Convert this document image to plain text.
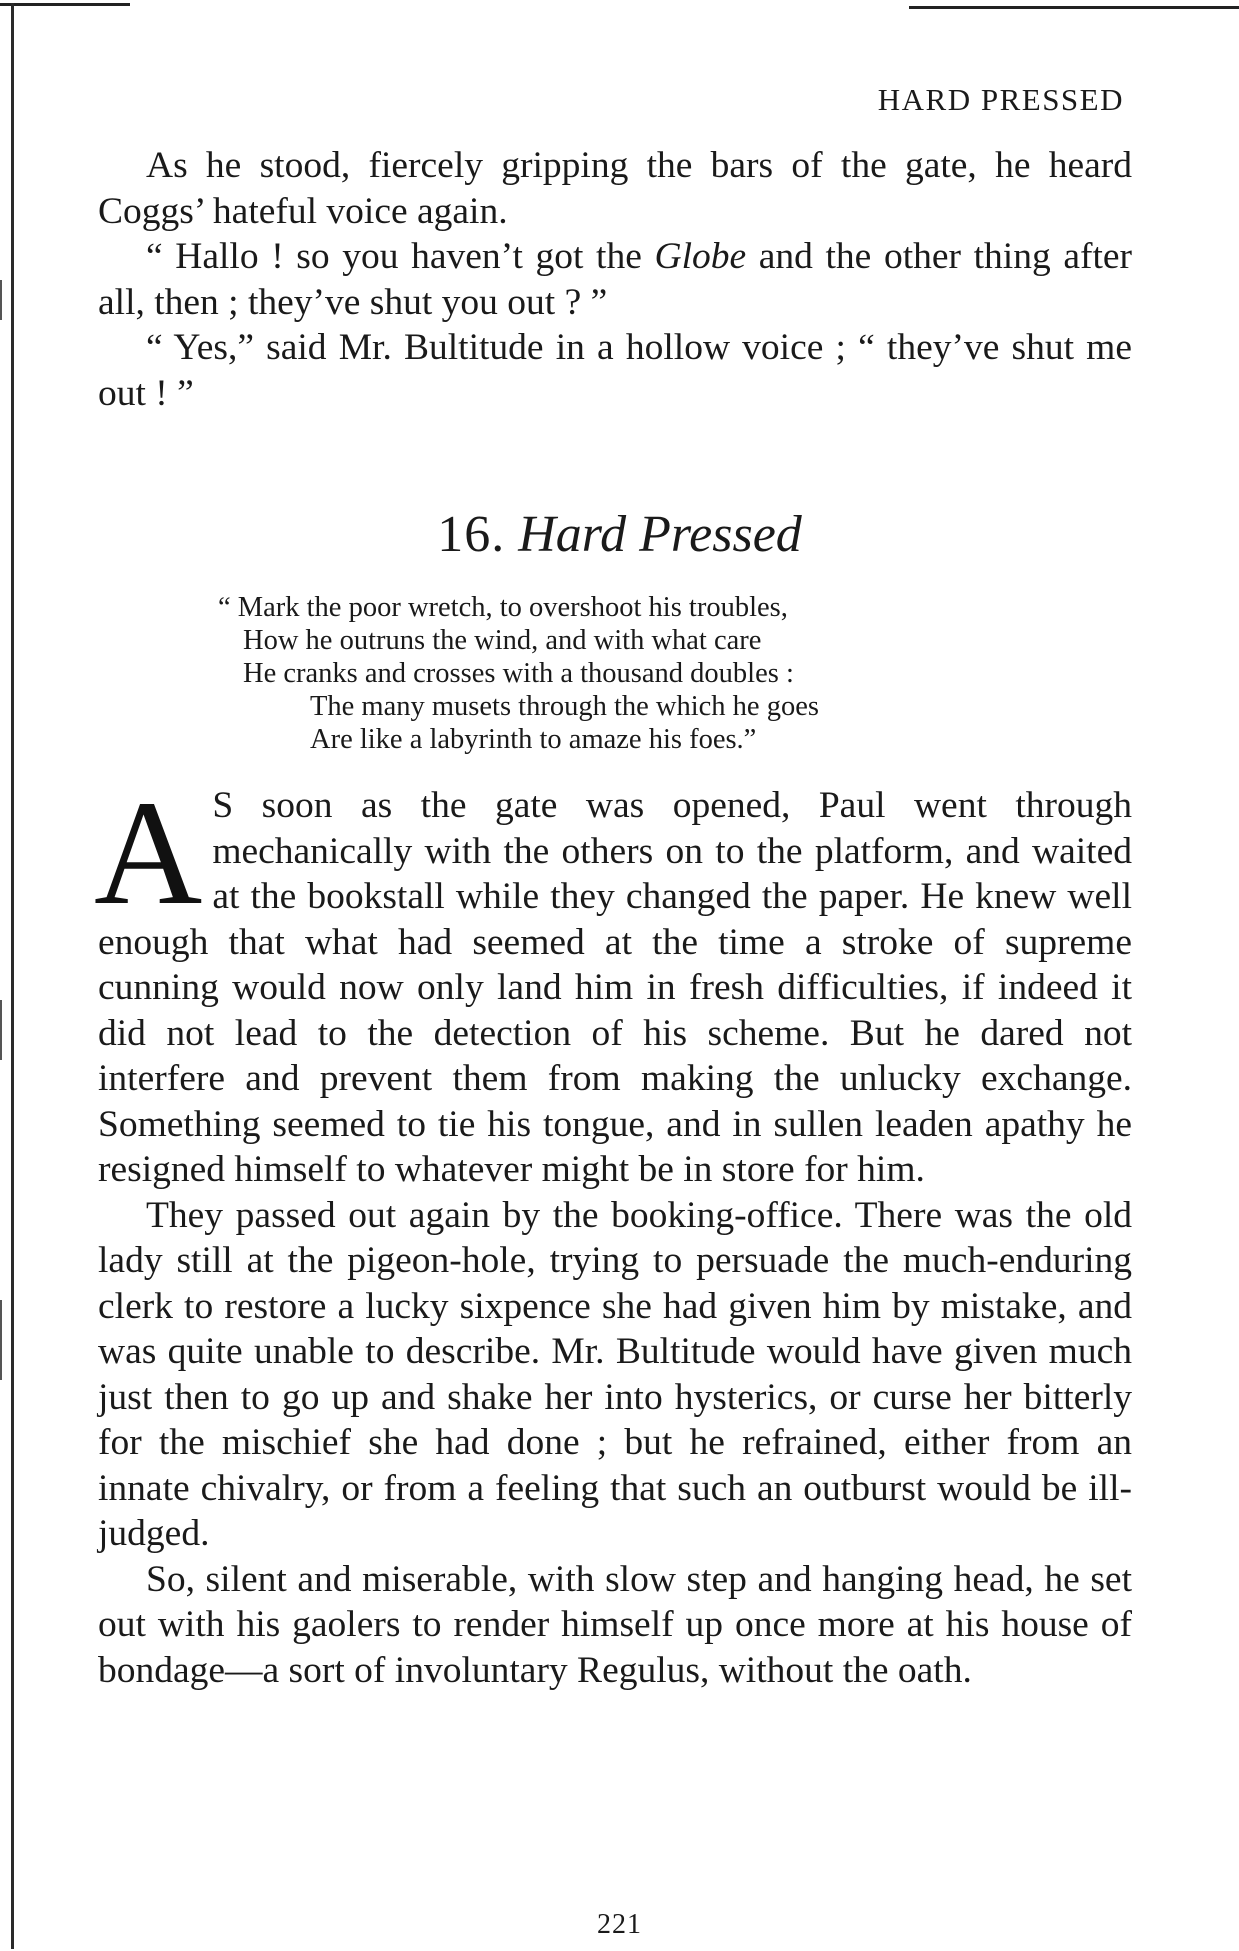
HARD PRESSED

As he stood, fiercely gripping the bars of the gate, he heard Coggs’ hateful voice again.

“ Hallo ! so you haven’t got the Globe and the other thing after all, then ; they’ve shut you out ? ”

“ Yes,” said Mr. Bultitude in a hollow voice ; “ they’ve shut me out ! ”

16. Hard Pressed
“ Mark the poor wretch, to overshoot his troubles,
How he outruns the wind, and with what care
He cranks and crosses with a thousand doubles :
The many musets through the which he goes
Are like a labyrinth to amaze his foes.”

A S soon as the gate was opened, Paul went through mechanically with the others on to the platform, and waited at the bookstall while they changed the paper. He knew well enough that what had seemed at the time a stroke of supreme cunning would now only land him in fresh difficulties, if indeed it did not lead to the detection of his scheme. But he dared not interfere and prevent them from making the unlucky exchange. Something seemed to tie his tongue, and in sullen leaden apathy he resigned himself to whatever might be in store for him.

They passed out again by the booking-office. There was the old lady still at the pigeon-hole, trying to persuade the much-enduring clerk to restore a lucky sixpence she had given him by mistake, and was quite unable to describe. Mr. Bultitude would have given much just then to go up and shake her into hysterics, or curse her bitterly for the mischief she had done ; but he refrained, either from an innate chivalry, or from a feeling that such an outburst would be ill-judged.

So, silent and miserable, with slow step and hanging head, he set out with his gaolers to render himself up once more at his house of bondage—a sort of involuntary Regulus, without the oath.

221
